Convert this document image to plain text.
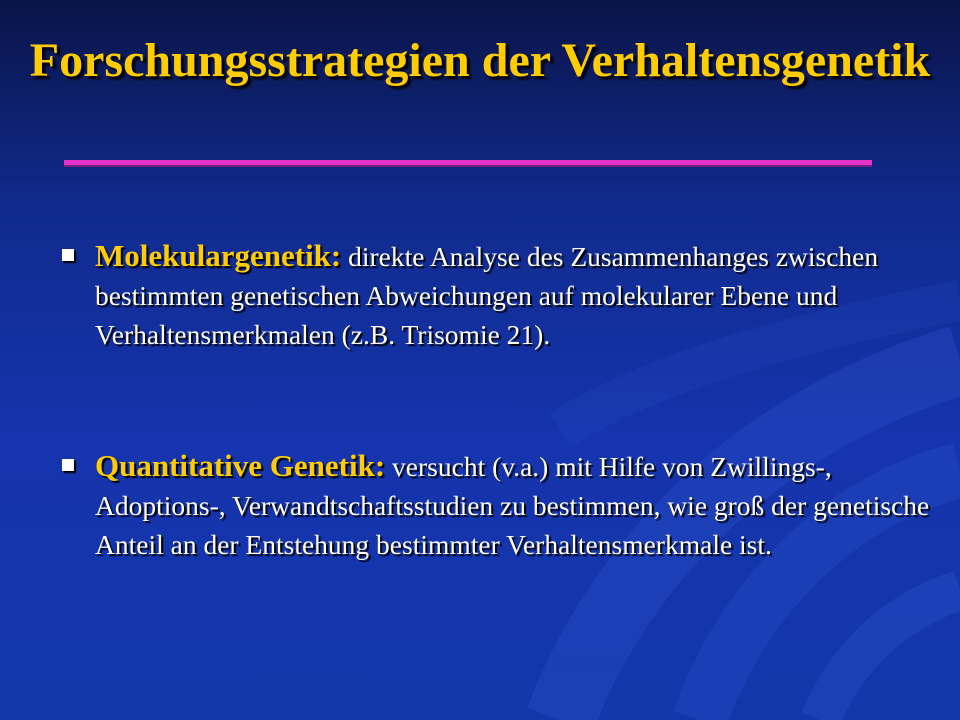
Forschungsstrategien der Verhaltensgenetik
Molekulargenetik: direkte Analyse des Zusammenhanges zwischen bestimmten genetischen Abweichungen auf molekularer Ebene und Verhaltensmerkmalen (z.B. Trisomie 21).
Quantitative Genetik: versucht (v.a.) mit Hilfe von Zwillings-, Adoptions-, Verwandtschaftsstudien zu bestimmen, wie groß der genetische Anteil an der Entstehung bestimmter Verhaltensmerkmale ist.
